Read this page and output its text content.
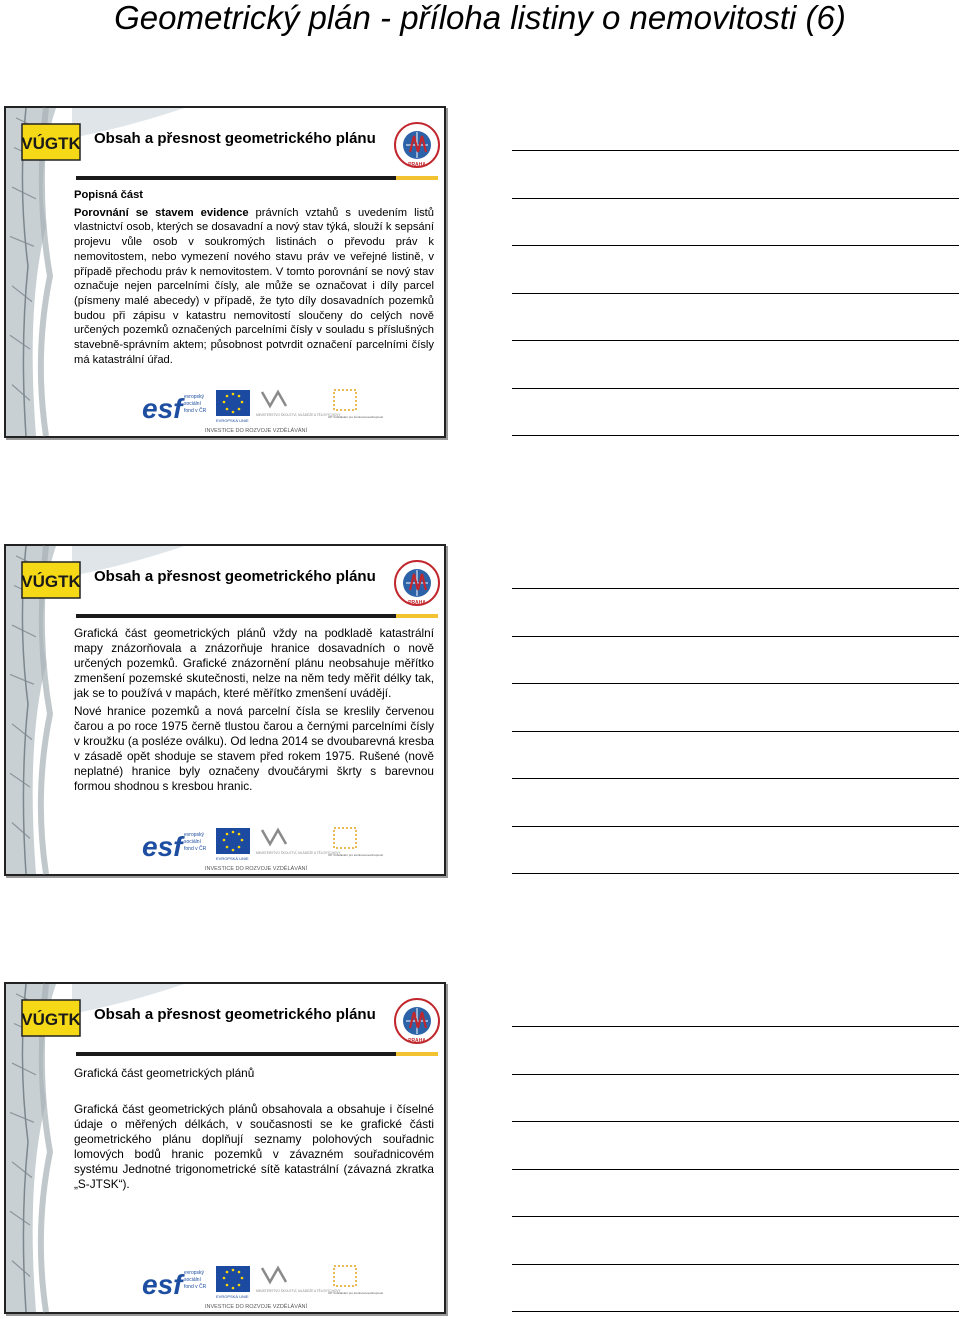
Geometrický plán - příloha listiny o nemovitosti (6)
VÚGTK Obsah a přesnost geometrického plánu
PRAHA

Popisná část

Porovnání se stavem evidence právních vztahů s uvedením listů vlastnictví osob, kterých se dosavadní a nový stav týká, slouží k sepsání projevu vůle osob v soukromých listinách o převodu práv k nemovitostem, nebo vymezení nového stavu práv ve veřejné listině, v případě přechodu práv k nemovitostem. V tomto porovnání se nový stav označuje nejen parcelními čísly, ale může se označovat i díly parcel (písmeny malé abecedy) v případě, že tyto díly dosavadních pozemků budou při zápisu v katastru nemovitostí sloučeny do celých nově určených pozemků označených parcelními čísly v souladu s příslušných stavebně-správním aktem; působnost potvrdit označení parcelními čísly má katastrální úřad.

esf evropský
sociální
fond v ČR
EVROPSKÁ UNIE
MINISTERSTVO ŠKOLSTVÍ, MLÁDEŽE A TĚLOVÝCHOVY
OP Vzdělávání pro konkurenceschopnost
INVESTICE DO ROZVOJE VZDĚLÁVÁNÍ
VÚGTK Obsah a přesnost geometrického plánu
PRAHA

Grafická část geometrických plánů vždy na podkladě katastrální mapy znázorňovala a znázorňuje hranice dosavadních o nově určených pozemků. Grafické znázornění plánu neobsahuje měřítko zmenšení pozemské skutečnosti, nelze na něm tedy měřit délky tak, jak se to používá v mapách, které měřítko zmenšení uvádějí.

Nové hranice pozemků a nová parcelní čísla se kreslily červenou čarou a po roce 1975 černě tlustou čarou a černými parcelními čísly v kroužku (a posléze oválku). Od ledna 2014 se dvoubarevná kresba v zásadě opět shoduje se stavem před rokem 1975. Rušené (nově neplatné) hranice byly označeny dvoučárymi škrty s barevnou formou shodnou s kresbou hranic.

esf evropský
sociální
fond v ČR
EVROPSKÁ UNIE
MINISTERSTVO ŠKOLSTVÍ, MLÁDEŽE A TĚLOVÝCHOVY
OP Vzdělávání pro konkurenceschopnost
INVESTICE DO ROZVOJE VZDĚLÁVÁNÍ
VÚGTK Obsah a přesnost geometrického plánu
PRAHA

Grafická část geometrických plánů

Grafická část geometrických plánů obsahovala a obsahuje i číselné údaje o měřených délkách, v současnosti se ke grafické části geometrického plánu doplňují seznamy polohových souřadnic lomových bodů hranic pozemků v závazném souřadnicovém systému Jednotné trigonometrické sítě katastrální (závazná zkratka „S-JTSK“).

esf evropský
sociální
fond v ČR
EVROPSKÁ UNIE
MINISTERSTVO ŠKOLSTVÍ, MLÁDEŽE A TĚLOVÝCHOVY
OP Vzdělávání pro konkurenceschopnost
INVESTICE DO ROZVOJE VZDĚLÁVÁNÍ
